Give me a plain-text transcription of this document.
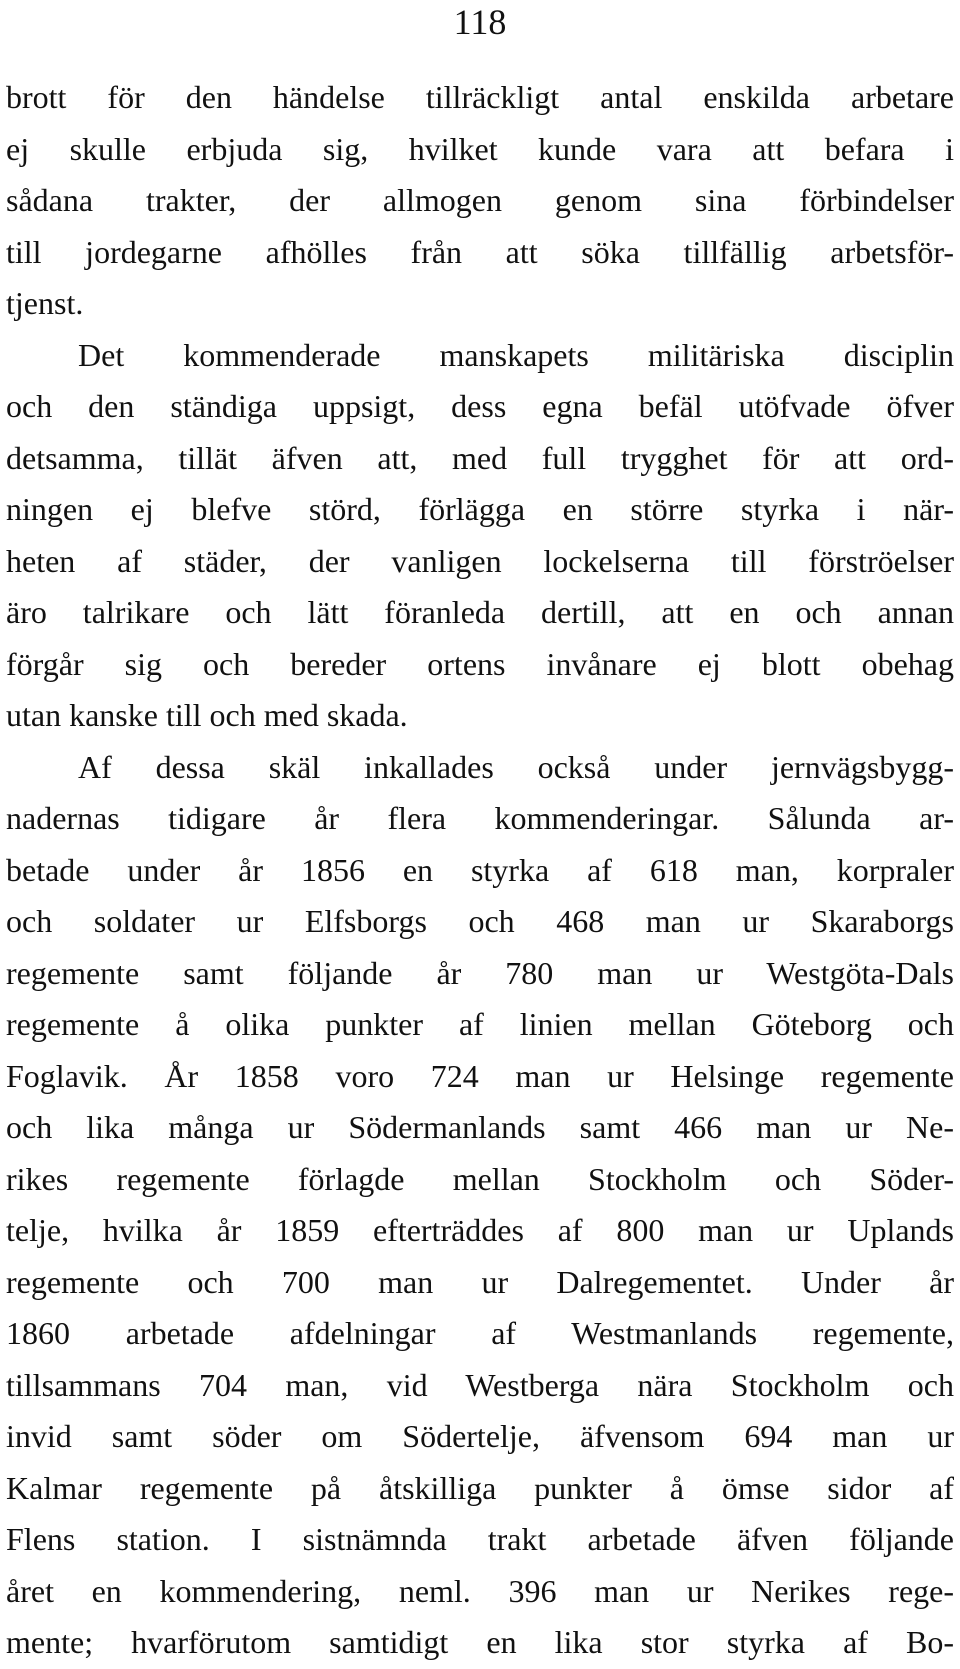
118
brott för den händelse tillräckligt antal enskilda arbetare
ej skulle erbjuda sig, hvilket kunde vara att befara i
sådana trakter, der allmogen genom sina förbindelser
till jordegarne afhölles från att söka tillfällig arbetsför-
tjenst.
Det kommenderade manskapets militäriska disciplin
och den ständiga uppsigt, dess egna befäl utöfvade öfver
detsamma, tillät äfven att, med full trygghet för att ord-
ningen ej blefve störd, förlägga en större styrka i när-
heten af städer, der vanligen lockelserna till förströelser
äro talrikare och lätt föranleda dertill, att en och annan
förgår sig och bereder ortens invånare ej blott obehag
utan kanske till och med skada.
Af dessa skäl inkallades också under jernvägsbygg-
nadernas tidigare år flera kommenderingar. Sålunda ar-
betade under år 1856 en styrka af 618 man, korpraler
och soldater ur Elfsborgs och 468 man ur Skaraborgs
regemente samt följande år 780 man ur Westgöta-Dals
regemente å olika punkter af linien mellan Göteborg och
Foglavik. År 1858 voro 724 man ur Helsinge regemente
och lika många ur Södermanlands samt 466 man ur Ne-
rikes regemente förlagde mellan Stockholm och Söder-
telje, hvilka år 1859 efterträddes af 800 man ur Uplands
regemente och 700 man ur Dalregementet. Under år
1860 arbetade afdelningar af Westmanlands regemente,
tillsammans 704 man, vid Westberga nära Stockholm och
invid samt söder om Södertelje, äfvensom 694 man ur
Kalmar regemente på åtskilliga punkter å ömse sidor af
Flens station. I sistnämnda trakt arbetade äfven följande
året en kommendering, neml. 396 man ur Nerikes rege-
mente; hvarförutom samtidigt en lika stor styrka af Bo-
